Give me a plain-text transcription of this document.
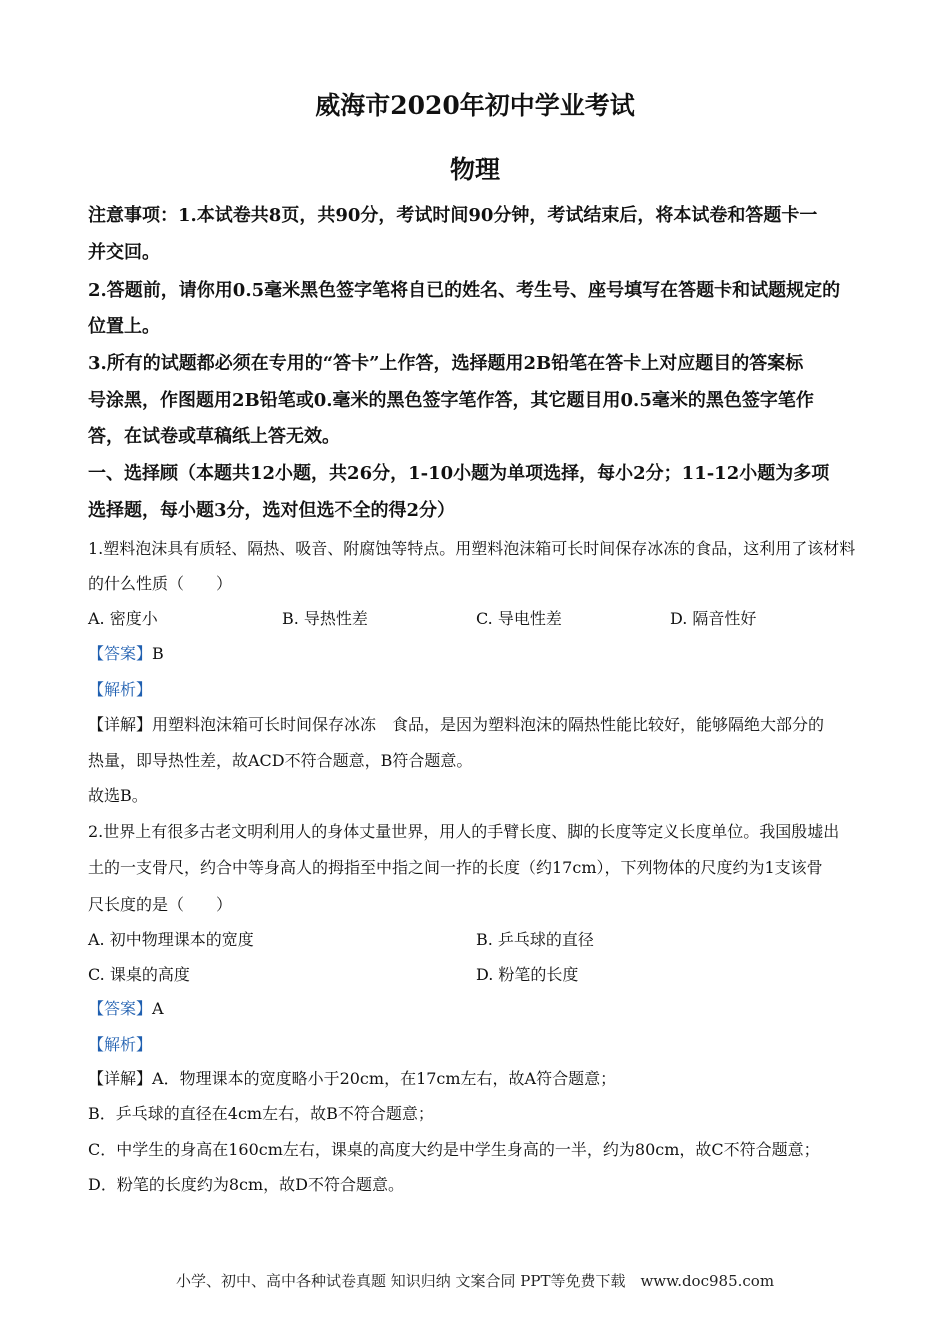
威海市2020年初中学业考试
物理
注意事项：1.本试卷共8页，共90分，考试时间90分钟，考试结束后，将本试卷和答题卡一
并交回。
2.答题前，请你用0.5毫米黑色签字笔将自已的姓名、考生号、座号填写在答题卡和试题规定的
位置上。
3.所有的试题都必须在专用的“答卡”上作答，选择题用2B铅笔在答卡上对应题目的答案标
号涂黑，作图题用2B铅笔或0.毫米的黑色签字笔作答，其它题目用0.5毫米的黑色签字笔作
答，在试卷或草稿纸上答无效。
一、选择顾（本题共12小题，共26分，1-10小题为单项选择，每小2分；11-12小题为多项
选择题，每小题3分，选对但选不全的得2分）
1.塑料泡沫具有质轻、隔热、吸音、附腐蚀等特点。用塑料泡沫箱可长时间保存冰冻的食品，这利用了该材料
的什么性质（　　）
A. 密度小	B. 导热性差	C. 导电性差	D. 隔音性好
【答案】B
【解析】
【详解】用塑料泡沫箱可长时间保存冰冻　食品，是因为塑料泡沫的隔热性能比较好，能够隔绝大部分的
热量，即导热性差，故ACD不符合题意，B符合题意。
故选B。
2.世界上有很多古老文明利用人的身体丈量世界，用人的手臂长度、脚的长度等定义长度单位。我国殷墟出
土的一支骨尺，约合中等身高人的拇指至中指之间一拃的长度（约17cm），下列物体的尺度约为1支该骨
尺长度的是（　　）
A. 初中物理课本的宽度	B. 乒乓球的直径
C. 课桌的高度	D. 粉笔的长度
【答案】A
【解析】
【详解】A．物理课本的宽度略小于20cm，在17cm左右，故A符合题意；
B．乒乓球的直径在4cm左右，故B不符合题意；
C．中学生的身高在160cm左右，课桌的高度大约是中学生身高的一半，约为80cm，故C不符合题意；
D．粉笔的长度约为8cm，故D不符合题意。
小学、初中、高中各种试卷真题 知识归纳 文案合同 PPT等免费下载　www.doc985.com
